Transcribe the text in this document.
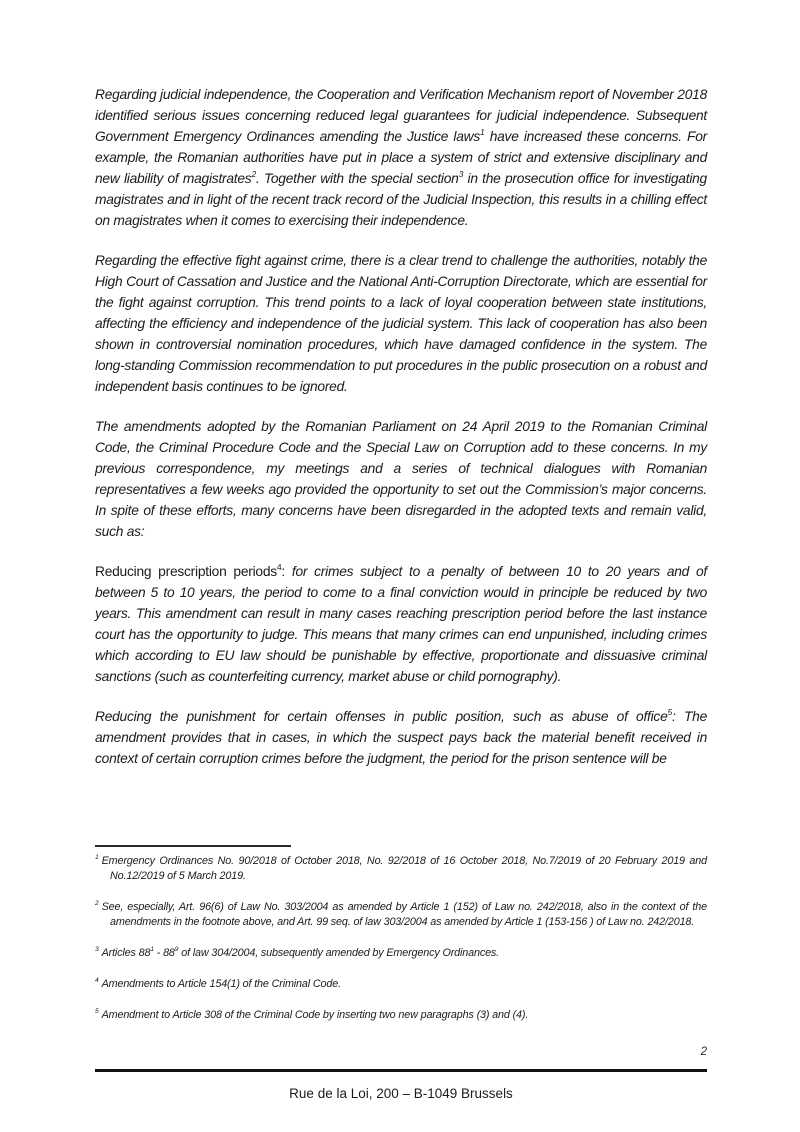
Regarding judicial independence, the Cooperation and Verification Mechanism report of November 2018 identified serious issues concerning reduced legal guarantees for judicial independence. Subsequent Government Emergency Ordinances amending the Justice laws$^1$ have increased these concerns. For example, the Romanian authorities have put in place a system of strict and extensive disciplinary and new liability of magistrates$^2$. Together with the special section$^3$ in the prosecution office for investigating magistrates and in light of the recent track record of the Judicial Inspection, this results in a chilling effect on magistrates when it comes to exercising their independence.
Regarding the effective fight against crime, there is a clear trend to challenge the authorities, notably the High Court of Cassation and Justice and the National Anti-Corruption Directorate, which are essential for the fight against corruption. This trend points to a lack of loyal cooperation between state institutions, affecting the efficiency and independence of the judicial system. This lack of cooperation has also been shown in controversial nomination procedures, which have damaged confidence in the system. The long-standing Commission recommendation to put procedures in the public prosecution on a robust and independent basis continues to be ignored.
The amendments adopted by the Romanian Parliament on 24 April 2019 to the Romanian Criminal Code, the Criminal Procedure Code and the Special Law on Corruption add to these concerns. In my previous correspondence, my meetings and a series of technical dialogues with Romanian representatives a few weeks ago provided the opportunity to set out the Commission’s major concerns. In spite of these efforts, many concerns have been disregarded in the adopted texts and remain valid, such as:
Reducing prescription periods$^4$: for crimes subject to a penalty of between 10 to 20 years and of between 5 to 10 years, the period to come to a final conviction would in principle be reduced by two years. This amendment can result in many cases reaching prescription period before the last instance court has the opportunity to judge. This means that many crimes can end unpunished, including crimes which according to EU law should be punishable by effective, proportionate and dissuasive criminal sanctions (such as counterfeiting currency, market abuse or child pornography).
Reducing the punishment for certain offenses in public position, such as abuse of office$^5$: The amendment provides that in cases, in which the suspect pays back the material benefit received in context of certain corruption crimes before the judgment, the period for the prison sentence will be
$^1$ Emergency Ordinances No. 90/2018 of October 2018, No. 92/2018 of 16 October 2018, No.7/2019 of 20 February 2019 and No.12/2019 of 5 March 2019.
$^2$ See, especially, Art. 96(6) of Law No. 303/2004 as amended by Article 1 (152) of Law no. 242/2018, also in the context of the amendments in the footnote above, and Art. 99 seq. of law 303/2004 as amended by Article 1 (153-156 ) of Law no. 242/2018.
$^3$ Articles $88^1 - 88^9$ of law 304/2004, subsequently amended by Emergency Ordinances.
$^4$ Amendments to Article 154(1) of the Criminal Code.
$^5$ Amendment to Article 308 of the Criminal Code by inserting two new paragraphs (3) and (4).
2
Rue de la Loi, 200 – B-1049 Brussels
